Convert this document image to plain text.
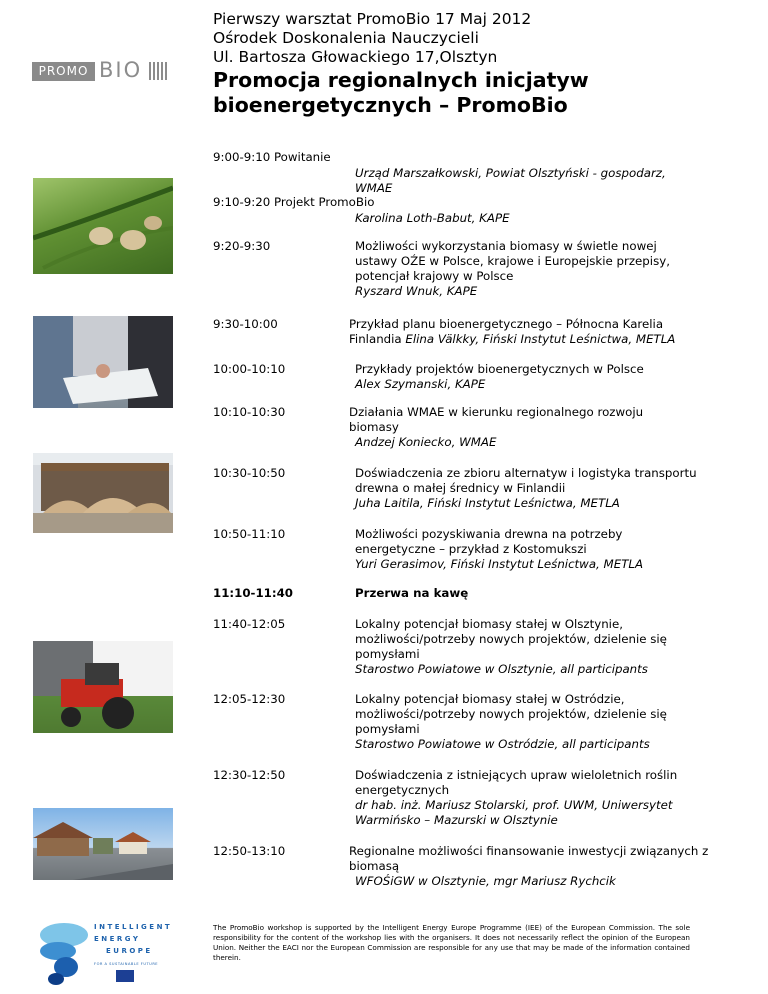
Pierwszy warsztat PromoBio 17 Maj 2012
Ośrodek Doskonalenia Nauczycieli
Ul. Bartosza Głowackiego 17,Olsztyn
Promocja regionalnych inicjatyw
bioenergetycznych – PromoBio
PROMO BIO
9:00-9:10 Powitanie
Urząd Marszałkowski, Powiat Olsztyński - gospodarz, WMAE
9:10-9:20 Projekt PromoBio
Karolina Loth-Babut, KAPE
9:20-9:30	Możliwości wykorzystania biomasy w świetle nowej ustawy OŹE w Polsce, krajowe i Europejskie przepisy, potencjał krajowy w Polsce
Ryszard Wnuk, KAPE
9:30-10:00	Przykład planu bioenergetycznego – Północna Karelia Finlandia Elina Välkky, Fiński Instytut Leśnictwa, METLA
10:00-10:10	Przykłady projektów bioenergetycznych w Polsce
Alex Szymanski, KAPE
10:10-10:30	Działania WMAE w kierunku regionalnego rozwoju biomasy
Andzej Koniecko, WMAE
10:30-10:50	Doświadczenia ze zbioru alternatyw i logistyka transportu drewna o małej średnicy w Finlandii
Juha Laitila, Fiński Instytut Leśnictwa, METLA
10:50-11:10	Możliwości pozyskiwania drewna na potrzeby energetyczne – przykład z Kostomukszi
Yuri Gerasimov, Fiński Instytut Leśnictwa, METLA
11:10-11:40	Przerwa na kawę
11:40-12:05	Lokalny potencjał biomasy stałej w Olsztynie, możliwości/potrzeby nowych projektów, dzielenie się pomysłami
Starostwo Powiatowe w Olsztynie, all participants
12:05-12:30	Lokalny potencjał biomasy stałej w Ostródzie, możliwości/potrzeby nowych projektów, dzielenie się pomysłami
Starostwo Powiatowe w Ostródzie, all participants
12:30-12:50	Doświadczenia z istniejących upraw wieloletnich roślin energetycznych
dr hab. inż. Mariusz Stolarski, prof. UWM, Uniwersytet Warmińsko – Mazurski w Olsztynie
12:50-13:10	Regionalne możliwości finansowanie inwestycji związanych z biomasą
WFOŚiGW w Olsztynie, mgr Mariusz Rychcik
INTELLIGENT
ENERGY
EUROPE
FOR A SUSTAINABLE FUTURE
The PromoBio workshop is supported by the Intelligent Energy Europe Programme (IEE) of the European Commission. The sole responsibility for the content of the workshop lies with the organisers. It does not necessarily reflect the opinion of the European Union. Neither the EACI nor the European Commission are responsible for any use that may be made of the information contained therein.
